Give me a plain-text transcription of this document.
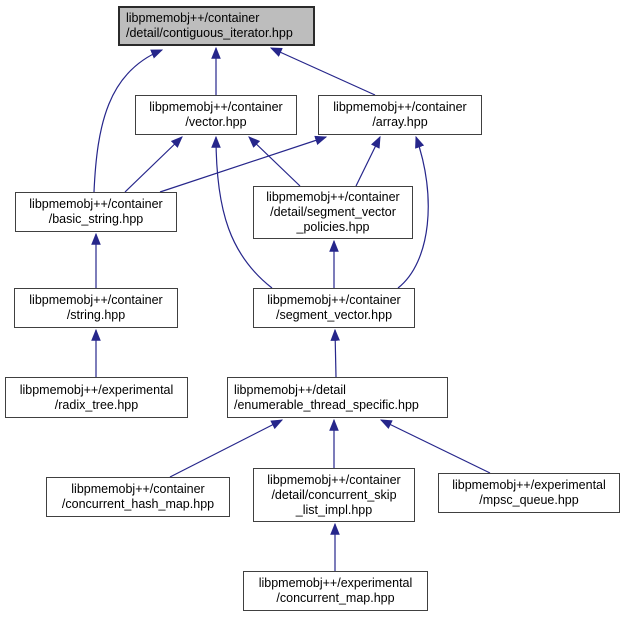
libpmemobj++/container
/detail/contiguous_iterator.hpp
libpmemobj++/container
/vector.hpp
libpmemobj++/container
/array.hpp
libpmemobj++/container
/basic_string.hpp
libpmemobj++/container
/detail/segment_vector
_policies.hpp
libpmemobj++/container
/string.hpp
libpmemobj++/container
/segment_vector.hpp
libpmemobj++/experimental
/radix_tree.hpp
libpmemobj++/detail
/enumerable_thread_specific.hpp
libpmemobj++/container
/concurrent_hash_map.hpp
libpmemobj++/container
/detail/concurrent_skip
_list_impl.hpp
libpmemobj++/experimental
/mpsc_queue.hpp
libpmemobj++/experimental
/concurrent_map.hpp
